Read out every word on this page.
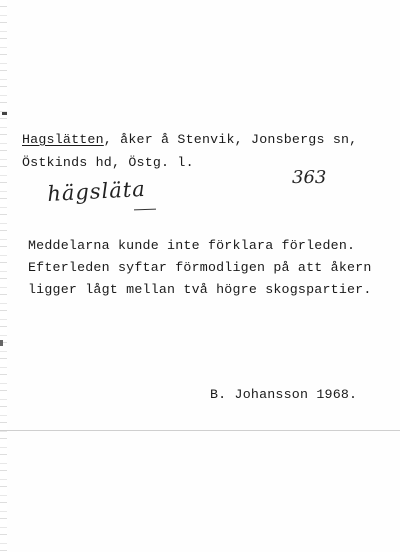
Hagslätten, åker å Stenvik, Jonsbergs sn,
Östkinds hd, Östg. l.
hägsläta	363
Meddelarna kunde inte förklara förleden.
Efterleden syftar förmodligen på att åkern
ligger lågt mellan två högre skogspartier.
B. Johansson 1968.
